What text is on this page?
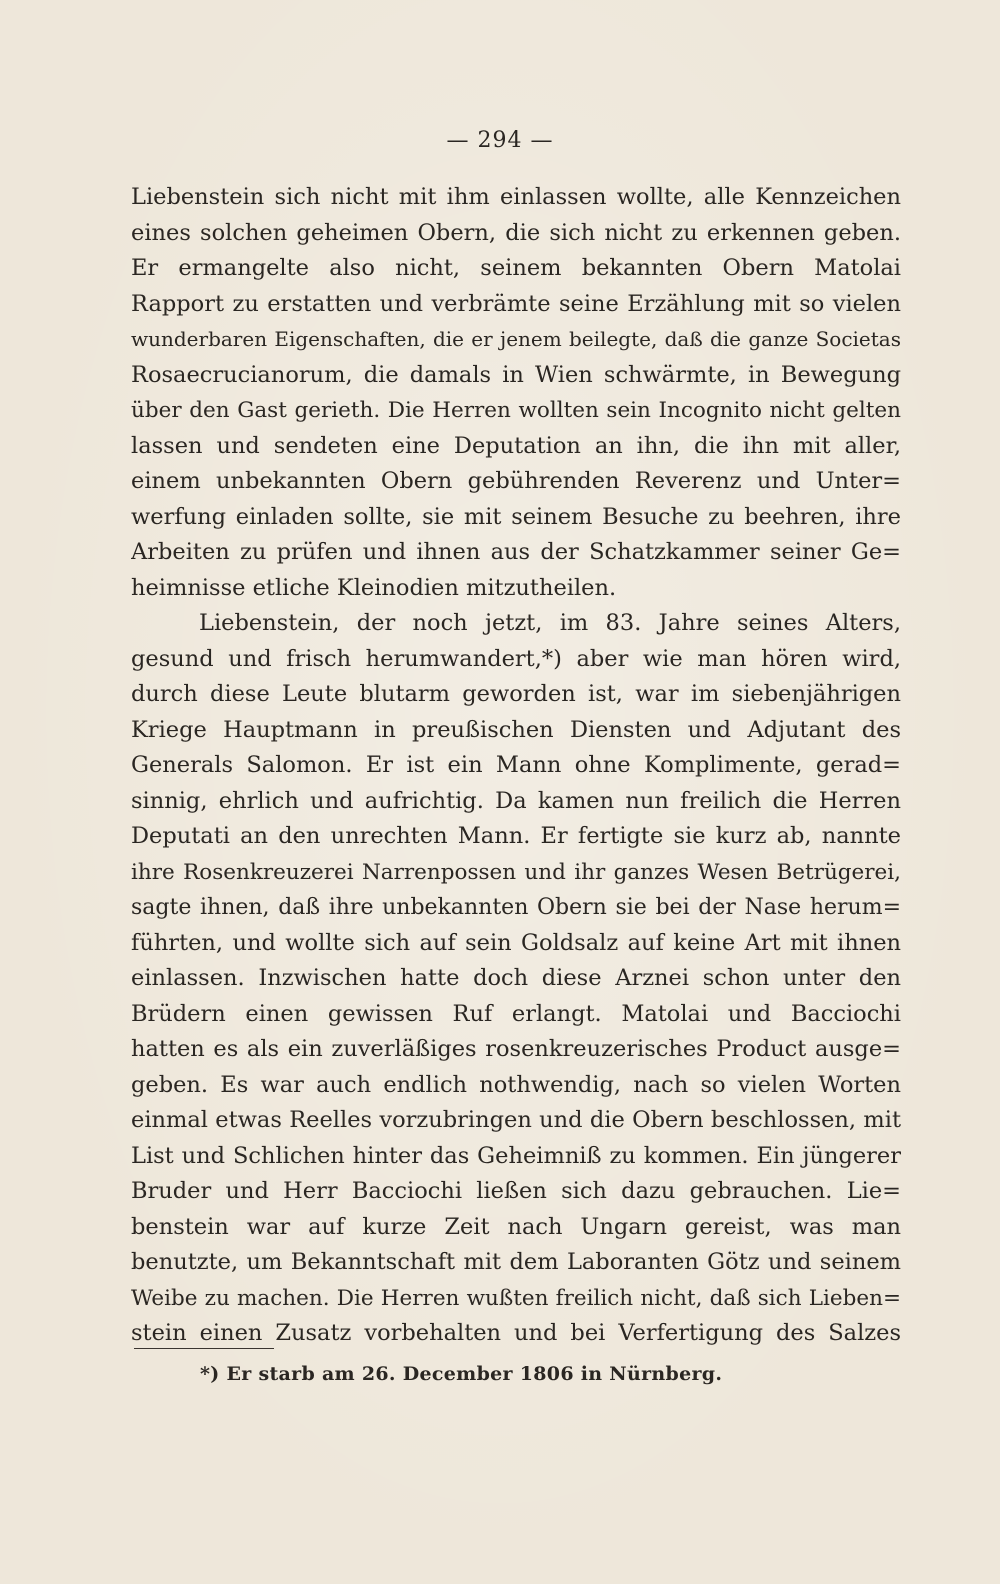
— 294 —
Liebenstein sich nicht mit ihm einlassen wollte, alle Kennzeichen
eines solchen geheimen Obern, die sich nicht zu erkennen geben.
Er ermangelte also nicht, seinem bekannten Obern Matolai
Rapport zu erstatten und verbrämte seine Erzählung mit so vielen
wunderbaren Eigenschaften, die er jenem beilegte, daß die ganze Societas
Rosaecrucianorum, die damals in Wien schwärmte, in Bewegung
über den Gast gerieth. Die Herren wollten sein Incognito nicht gelten
lassen und sendeten eine Deputation an ihn, die ihn mit aller,
einem unbekannten Obern gebührenden Reverenz und Unter=
werfung einladen sollte, sie mit seinem Besuche zu beehren, ihre
Arbeiten zu prüfen und ihnen aus der Schatzkammer seiner Ge=
heimnisse etliche Kleinodien mitzutheilen.
Liebenstein, der noch jetzt, im 83. Jahre seines Alters,
gesund und frisch herumwandert,*) aber wie man hören wird,
durch diese Leute blutarm geworden ist, war im siebenjährigen
Kriege Hauptmann in preußischen Diensten und Adjutant des
Generals Salomon. Er ist ein Mann ohne Komplimente, gerad=
sinnig, ehrlich und aufrichtig. Da kamen nun freilich die Herren
Deputati an den unrechten Mann. Er fertigte sie kurz ab, nannte
ihre Rosenkreuzerei Narrenpossen und ihr ganzes Wesen Betrügerei,
sagte ihnen, daß ihre unbekannten Obern sie bei der Nase herum=
führten, und wollte sich auf sein Goldsalz auf keine Art mit ihnen
einlassen. Inzwischen hatte doch diese Arznei schon unter den
Brüdern einen gewissen Ruf erlangt. Matolai und Bacciochi
hatten es als ein zuverläßiges rosenkreuzerisches Product ausge=
geben. Es war auch endlich nothwendig, nach so vielen Worten
einmal etwas Reelles vorzubringen und die Obern beschlossen, mit
List und Schlichen hinter das Geheimniß zu kommen. Ein jüngerer
Bruder und Herr Bacciochi ließen sich dazu gebrauchen. Lie=
benstein war auf kurze Zeit nach Ungarn gereist, was man
benutzte, um Bekanntschaft mit dem Laboranten Götz und seinem
Weibe zu machen. Die Herren wußten freilich nicht, daß sich Lieben=
stein einen Zusatz vorbehalten und bei Verfertigung des Salzes
*) Er starb am 26. December 1806 in Nürnberg.
